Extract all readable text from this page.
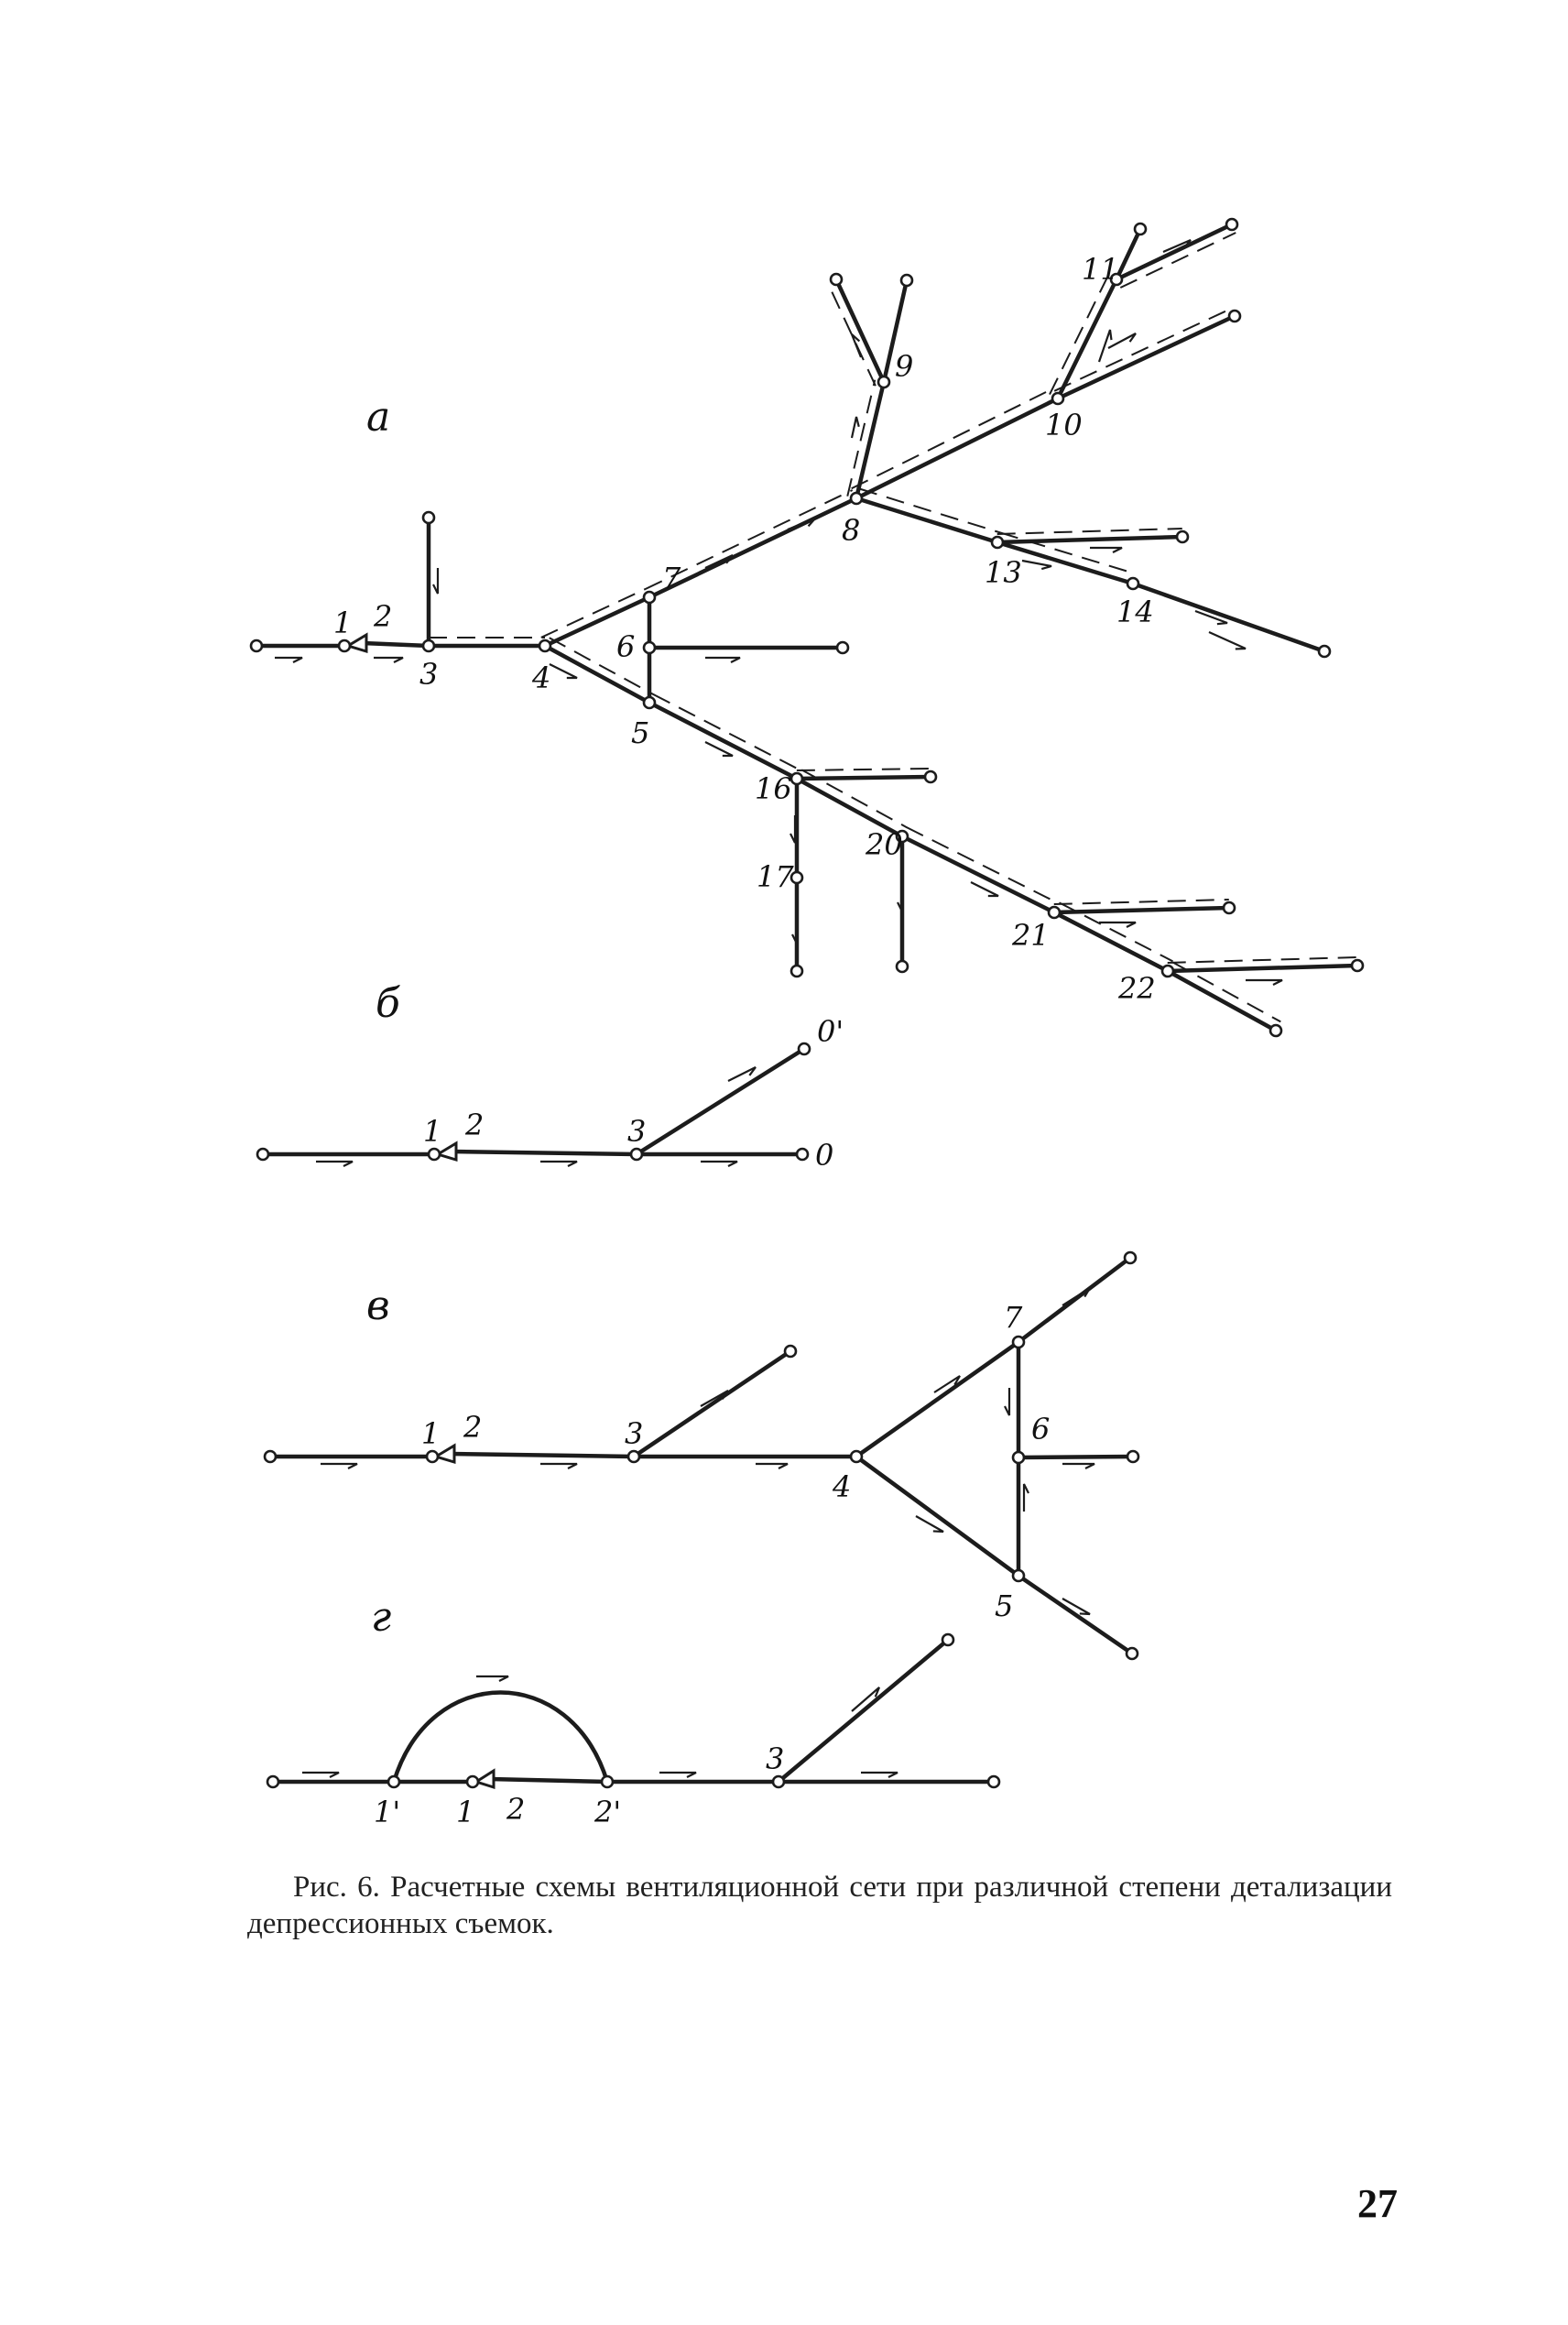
1 2
3	4
5
6
7
8
9
10
11
13
14
16
17
20
21
22
1 2	3
0'
0
1 2	3
4
7
6
5
1' 1 2 2'
3
а
б
в
г

Рис. 6. Расчетные схемы вентиляционной сети при различной степени детализации депрессионных съемок.

27
